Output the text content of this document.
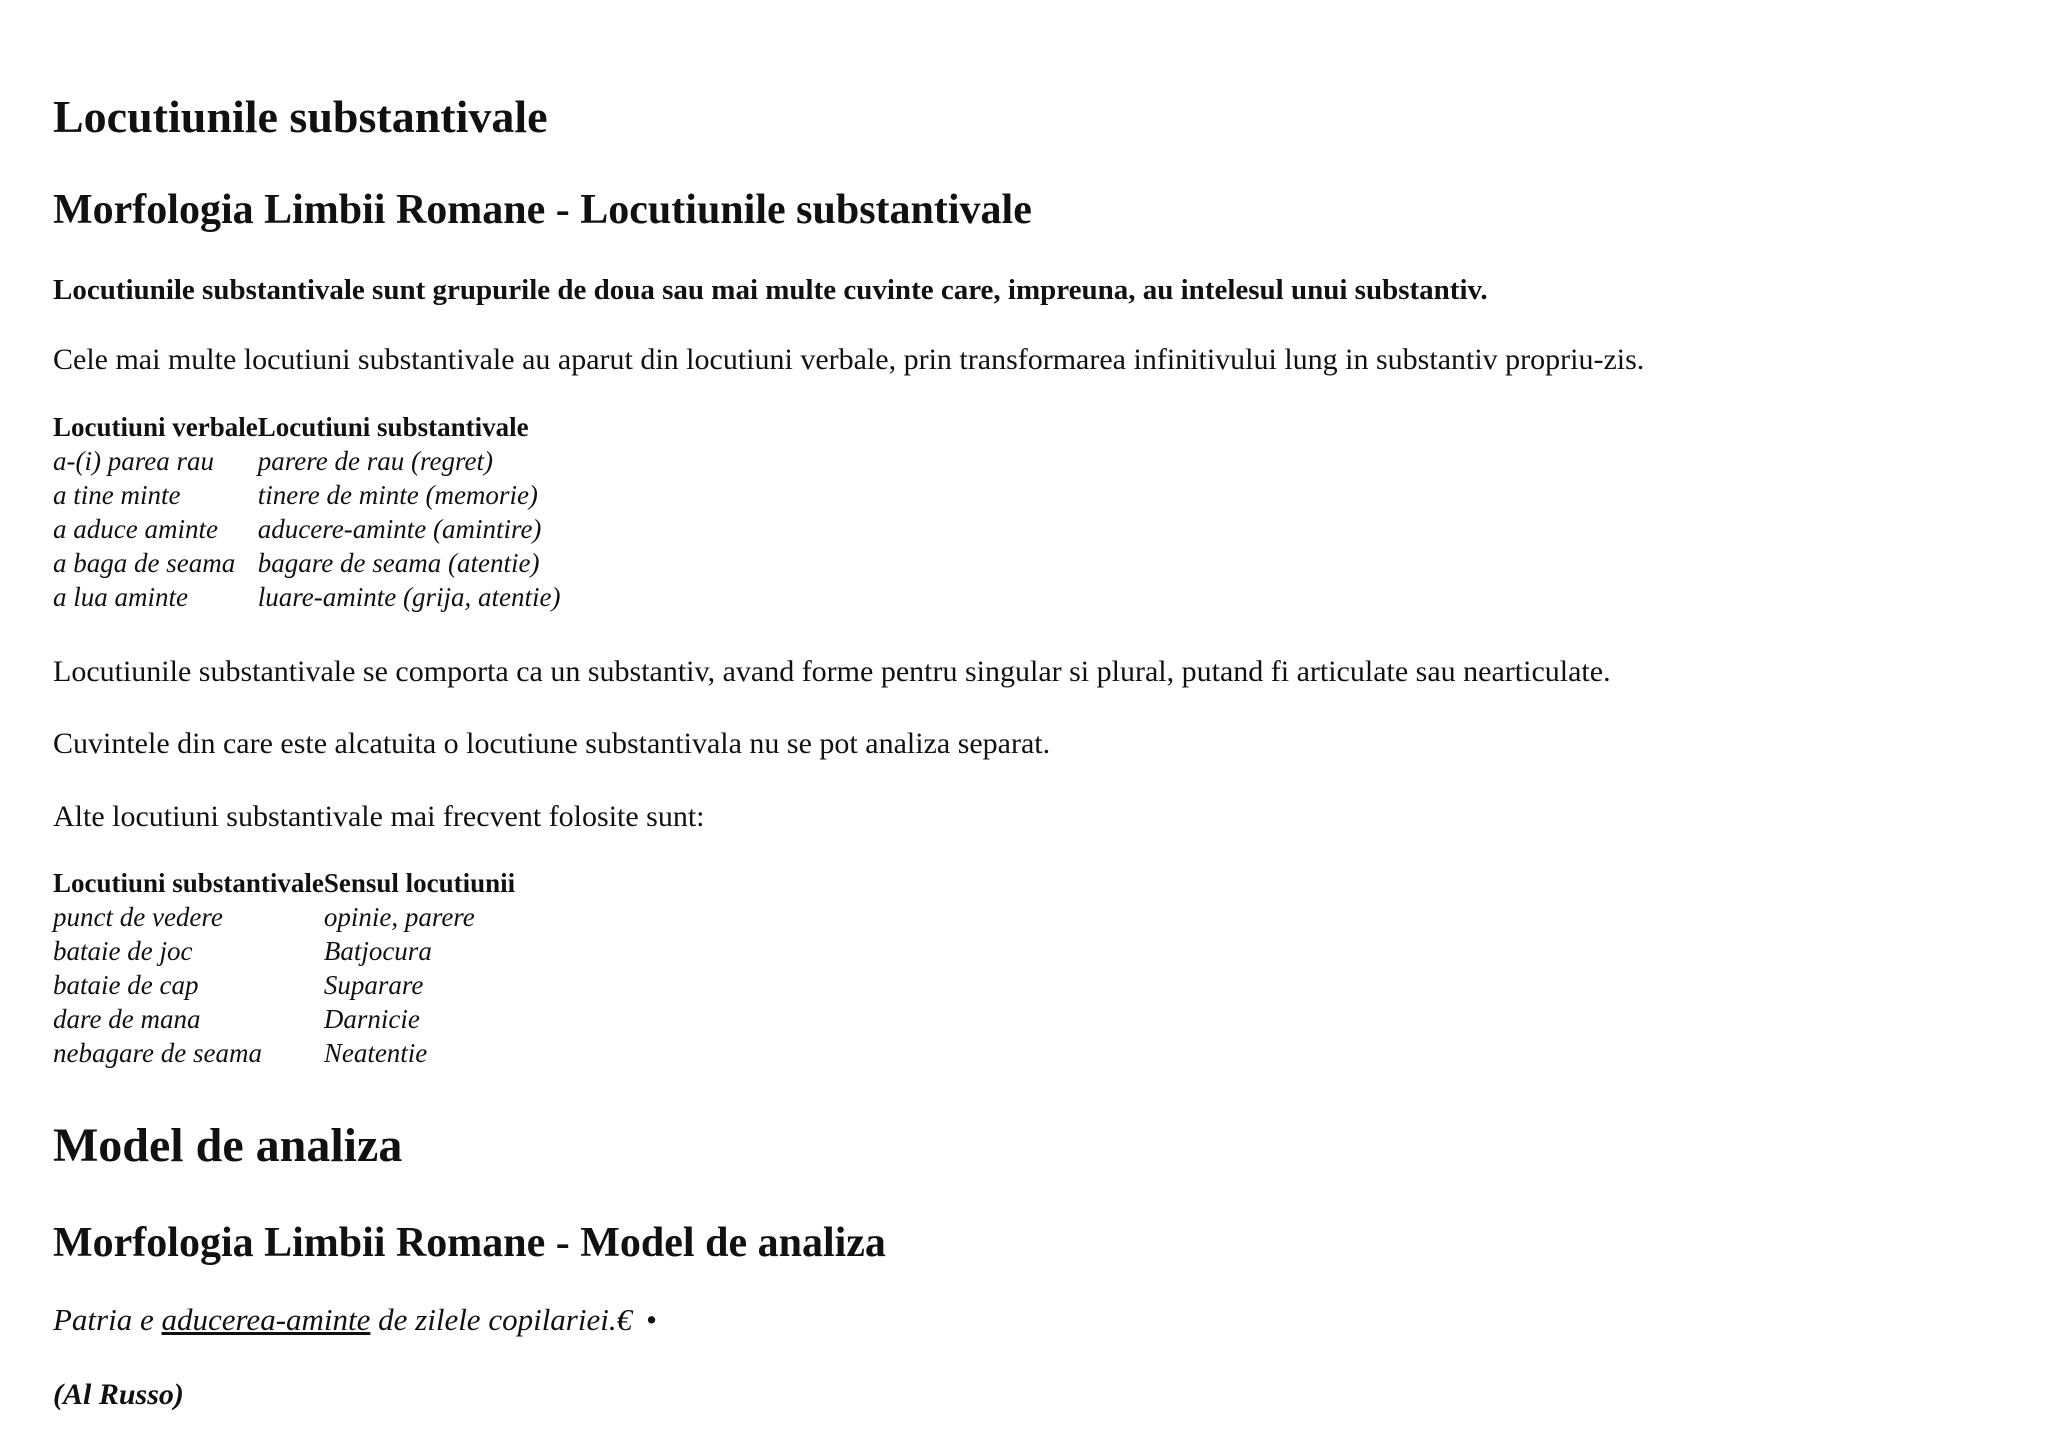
Locutiunile substantivale
Morfologia Limbii Romane - Locutiunile substantivale

Locutiunile substantivale sunt grupurile de doua sau mai multe cuvinte care, impreuna, au intelesul unui substantiv.

Cele mai multe locutiuni substantivale au aparut din locutiuni verbale, prin transformarea infinitivului lung in substantiv propriu-zis.

Locutiuni verbale	Locutiuni substantivale
a-(i) parea rau	parere de rau (regret)
a tine minte	tinere de minte (memorie)
a aduce aminte	aducere-aminte (amintire)
a baga de seama	bagare de seama (atentie)
a lua aminte	luare-aminte (grija, atentie)

Locutiunile substantivale se comporta ca un substantiv, avand forme pentru singular si plural, putand fi articulate sau nearticulate.

Cuvintele din care este alcatuita o locutiune substantivala nu se pot analiza separat.

Alte locutiuni substantivale mai frecvent folosite sunt:

Locutiuni substantivale	Sensul locutiunii
punct de vedere	opinie, parere
bataie de joc	Batjocura
bataie de cap	Suparare
dare de mana	Darnicie
nebagare de seama	Neatentie
Model de analiza
Morfologia Limbii Romane - Model de analiza

Patria e aducerea-aminte de zilele copilariei.€ •

(Al Russo)
